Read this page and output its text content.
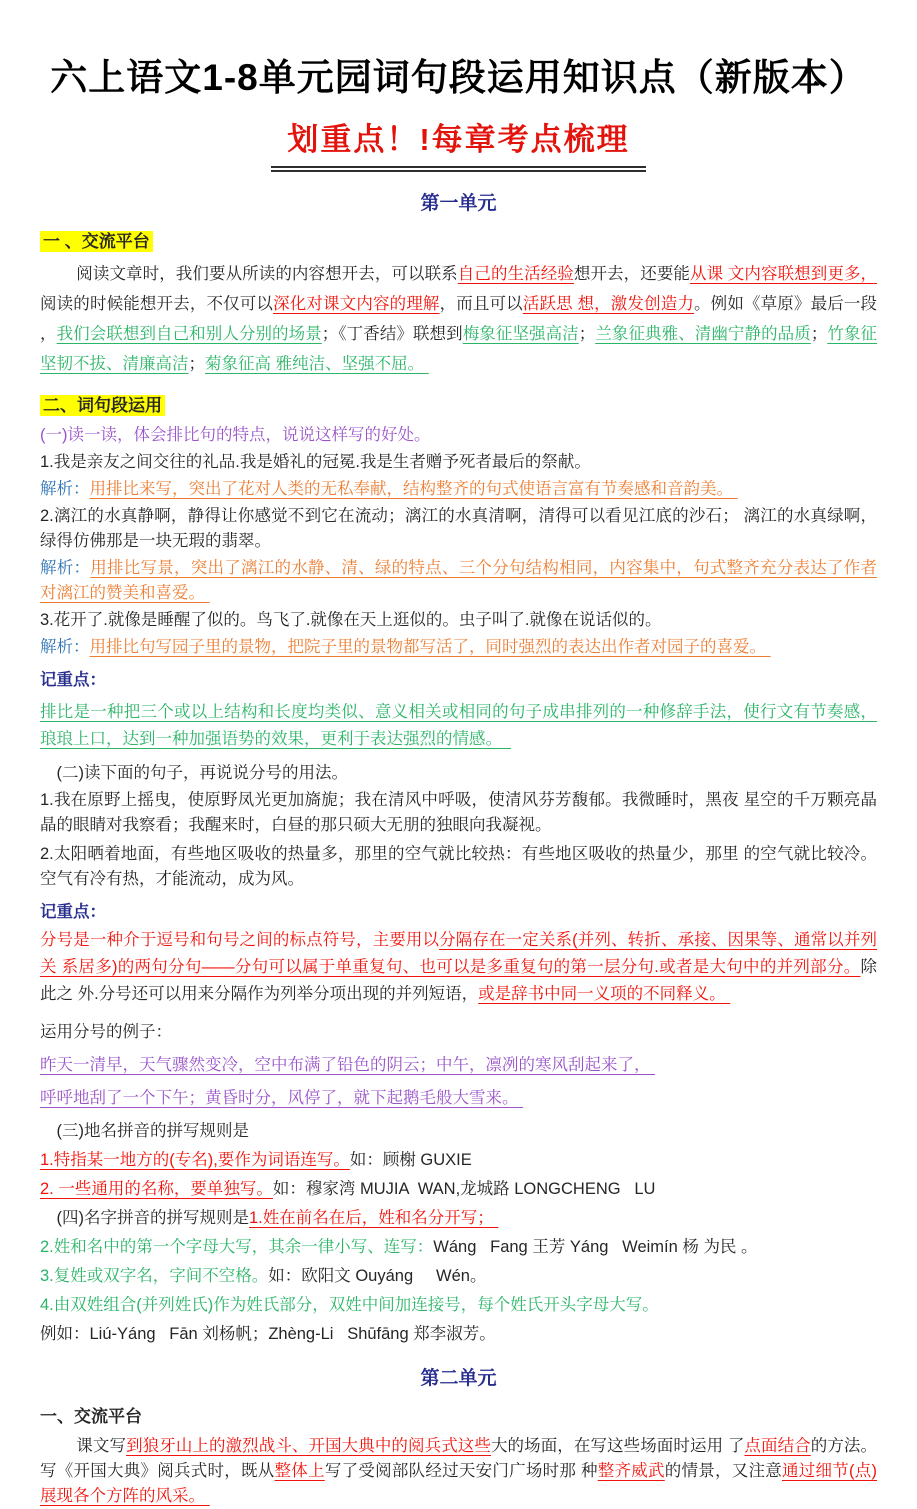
六上语文1-8单元园词句段运用知识点（新版本）
划重点！!每章考点梳理
第一单元
一 、交流平台

阅读文章时，我们要从所读的内容想开去，可以联系自己的生活经验想开去，还要能从课 文内容联想到更多，阅读的时候能想开去，不仅可以深化对课文内容的理解，而且可以活跃思 想，激发创造力。例如《草原》最后一段 ，我们会联想到自己和别人分别的场景；《丁香结》联想到梅象征坚强高洁；兰象征典雅、清幽宁静的品质；竹象征坚韧不拔、清廉高洁；菊象征高 雅纯洁、坚强不屈。

二、词句段运用

(一)读一读，体会排比句的特点，说说这样写的好处。

1.我是亲友之间交往的礼品.我是婚礼的冠冕.我是生者赠予死者最后的祭献。

解析：用排比来写，突出了花对人类的无私奉献，结构整齐的句式使语言富有节奏感和音韵美。

2.漓江的水真静啊，静得让你感觉不到它在流动；漓江的水真清啊，清得可以看见江底的沙石； 漓江的水真绿啊，绿得仿佛那是一块无瑕的翡翠。

解析：用排比写景，突出了漓江的水静、清、绿的特点、三个分句结构相同，内容集中，句式整齐充分表达了作者对漓江的赞美和喜爱。

3.花开了.就像是睡醒了似的。鸟飞了.就像在天上逛似的。虫子叫了.就像在说话似的。

解析：用排比句写园子里的景物，把院子里的景物都写活了，同时强烈的表达出作者对园子的喜爱。

记重点：

排比是一种把三个或以上结构和长度均类似、意义相关或相同的句子成串排列的一种修辞手法，使行文有节奏感，琅琅上口，达到一种加强语势的效果，更利于表达强烈的情感。

(二)读下面的句子，再说说分号的用法。

1.我在原野上摇曳，使原野凤光更加旖旎；我在清风中呼吸，使清风芬芳馥郁。我微睡时，黑夜 星空的千万颗亮晶晶的眼睛对我察看；我醒来时，白昼的那只硕大无朋的独眼向我凝视。

2.太阳晒着地面，有些地区吸收的热量多，那里的空气就比较热：有些地区吸收的热量少，那里 的空气就比较冷。空气有冷有热，才能流动，成为风。

记重点：

分号是一种介于逗号和句号之间的标点符号，主要用以分隔存在一定关系(并列、转折、承接、因果等、通常以并列关 系居多)的两句分句——分句可以属于单重复句、也可以是多重复句的第一层分句.或者是大句中的并列部分。除此之 外.分号还可以用来分隔作为列举分项出现的并列短语，或是辞书中同一义项的不同释义。

运用分号的例子：

昨天一清早，天气骤然变冷，空中布满了铅色的阴云；中午，凛冽的寒风刮起来了，

呼呼地刮了一个下午；黄昏时分，风停了，就下起鹅毛般大雪来。

(三)地名拼音的拼写规则是

1.特指某一地方的(专名),要作为词语连写。如：顾榭 GUXIE

2. 一些通用的名称，要单独写。如：穆家湾 MUJIA  WAN,龙城路 LONGCHENG   LU

(四)名字拼音的拼写规则是1.姓在前名在后，姓和名分开写；

2.姓和名中的第一个字母大写，其余一律小写、连写：Wáng   Fang 王芳 Yáng   Weimín 杨 为民 。

3.复姓或双字名，字间不空格。如：欧阳文 Ouyáng     Wén。

4.由双姓组合(并列姓氏)作为姓氏部分，双姓中间加连接号，每个姓氏开头字母大写。

例如：Liú-Yáng   Fān 刘杨帆；Zhèng-Li   Shūfāng 郑李淑芳。

第二单元
一、交流平台

课文写到狼牙山上的激烈战斗、开国大典中的阅兵式这些大的场面，在写这些场面时运用 了点面结合的方法。写《开国大典》阅兵式时，既从整体上写了受阅部队经过天安门广场时那 种整齐威武的情景，又注意通过细节(点)展现各个方阵的风采。
